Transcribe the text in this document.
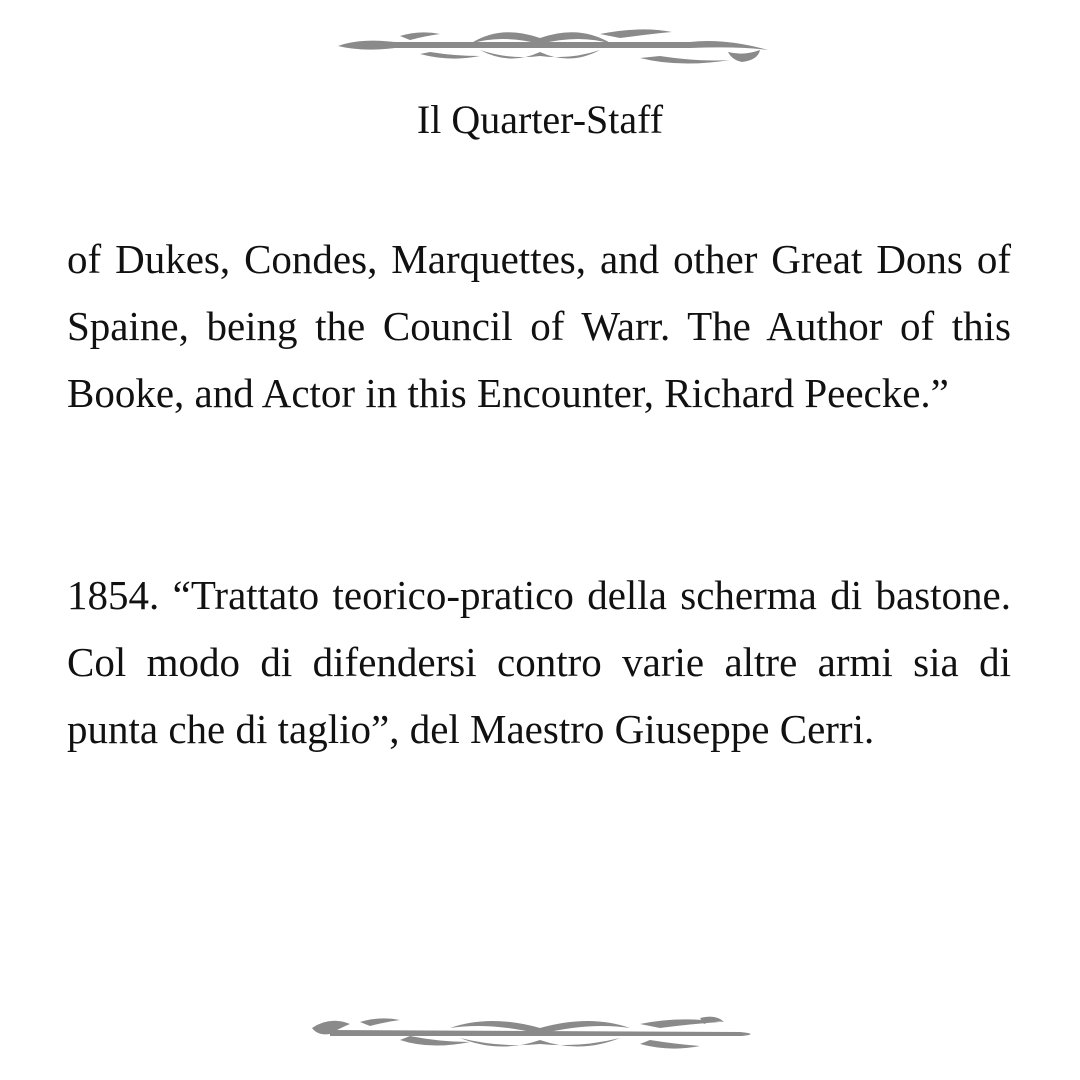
Il Quarter-Staff

of Dukes, Condes, Marquettes, and other Great Dons of Spaine, being the Council of Warr. The Author of this Booke, and Actor in this Encounter, Richard Peecke.”

1854. “Trattato teorico-pratico della scherma di bastone. Col modo di difendersi contro varie altre armi sia di punta che di taglio”, del Maestro Giuseppe Cerri.
